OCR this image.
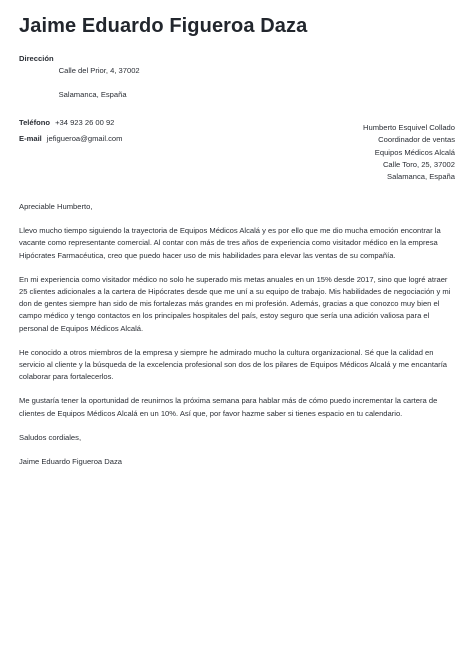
Jaime Eduardo Figueroa Daza
Dirección

Calle del Prior, 4, 37002

Salamanca, España

Teléfono +34 923 26 00 92
E-mail jefigueroa@gmail.com
Humberto Esquivel Collado
Coordinador de ventas
Equipos Médicos Alcalá
Calle Toro, 25, 37002
Salamanca, España

Apreciable Humberto,

Llevo mucho tiempo siguiendo la trayectoria de Equipos Médicos Alcalá y es por ello que me dio mucha emoción encontrar la vacante como representante comercial. Al contar con más de tres años de experiencia como visitador médico en la empresa Hipócrates Farmacéutica, creo que puedo hacer uso de mis habilidades para elevar las ventas de su compañía.

En mi experiencia como visitador médico no solo he superado mis metas anuales en un 15% desde 2017, sino que logré atraer 25 clientes adicionales a la cartera de Hipócrates desde que me uní a su equipo de trabajo. Mis habilidades de negociación y mi don de gentes siempre han sido de mis fortalezas más grandes en mi profesión. Además, gracias a que conozco muy bien el campo médico y tengo contactos en los principales hospitales del país, estoy seguro que sería una adición valiosa para el personal de Equipos Médicos Alcalá.

He conocido a otros miembros de la empresa y siempre he admirado mucho la cultura organizacional. Sé que la calidad en servicio al cliente y la búsqueda de la excelencia profesional son dos de los pilares de Equipos Médicos Alcalá y me encantaría colaborar para fortalecerlos.

Me gustaría tener la oportunidad de reunirnos la próxima semana para hablar más de cómo puedo incrementar la cartera de clientes de Equipos Médicos Alcalá en un 10%. Así que, por favor hazme saber si tienes espacio en tu calendario.

Saludos cordiales,

Jaime Eduardo Figueroa Daza
